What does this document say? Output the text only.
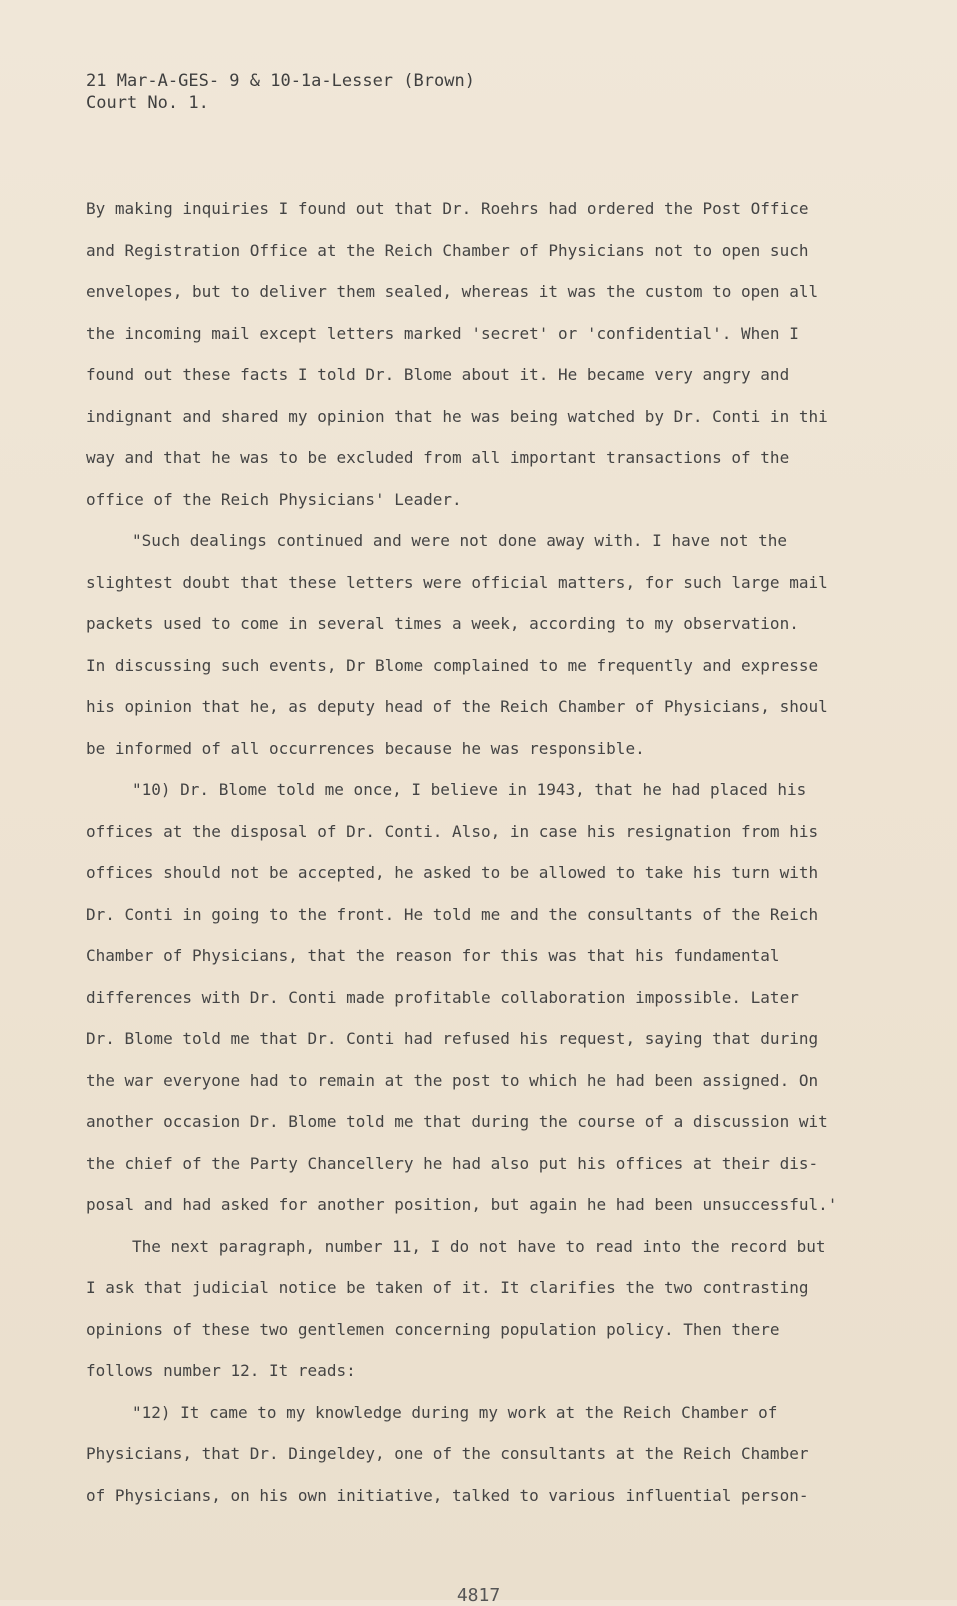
21 Mar-A-GES- 9 & 10-1a-Lesser (Brown)
Court No. 1.
By making inquiries I found out that Dr. Roehrs had ordered the Post Office
and Registration Office at the Reich Chamber of Physicians not to open such
envelopes, but to deliver them sealed, whereas it was the custom to open all
the incoming mail except letters marked 'secret' or 'confidential'. When I
found out these facts I told Dr. Blome about it. He became very angry and
indignant and shared my opinion that he was being watched by Dr. Conti in thi
way and that he was to be excluded from all important transactions of the
office of the Reich Physicians' Leader.
"Such dealings continued and were not done away with. I have not the
slightest doubt that these letters were official matters, for such large mail
packets used to come in several times a week, according to my observation.
In discussing such events, Dr Blome complained to me frequently and expresse
his opinion that he, as deputy head of the Reich Chamber of Physicians, shoul
be informed of all occurrences because he was responsible.
"10) Dr. Blome told me once, I believe in 1943, that he had placed his
offices at the disposal of Dr. Conti. Also, in case his resignation from his
offices should not be accepted, he asked to be allowed to take his turn with
Dr. Conti in going to the front. He told me and the consultants of the Reich
Chamber of Physicians, that the reason for this was that his fundamental
differences with Dr. Conti made profitable collaboration impossible. Later
Dr. Blome told me that Dr. Conti had refused his request, saying that during
the war everyone had to remain at the post to which he had been assigned. On
another occasion Dr. Blome told me that during the course of a discussion wit
the chief of the Party Chancellery he had also put his offices at their dis-
posal and had asked for another position, but again he had been unsuccessful.'
The next paragraph, number 11, I do not have to read into the record but
I ask that judicial notice be taken of it. It clarifies the two contrasting
opinions of these two gentlemen concerning population policy. Then there
follows number 12. It reads:
"12) It came to my knowledge during my work at the Reich Chamber of
Physicians, that Dr. Dingeldey, one of the consultants at the Reich Chamber
of Physicians, on his own initiative, talked to various influential person-
4817
